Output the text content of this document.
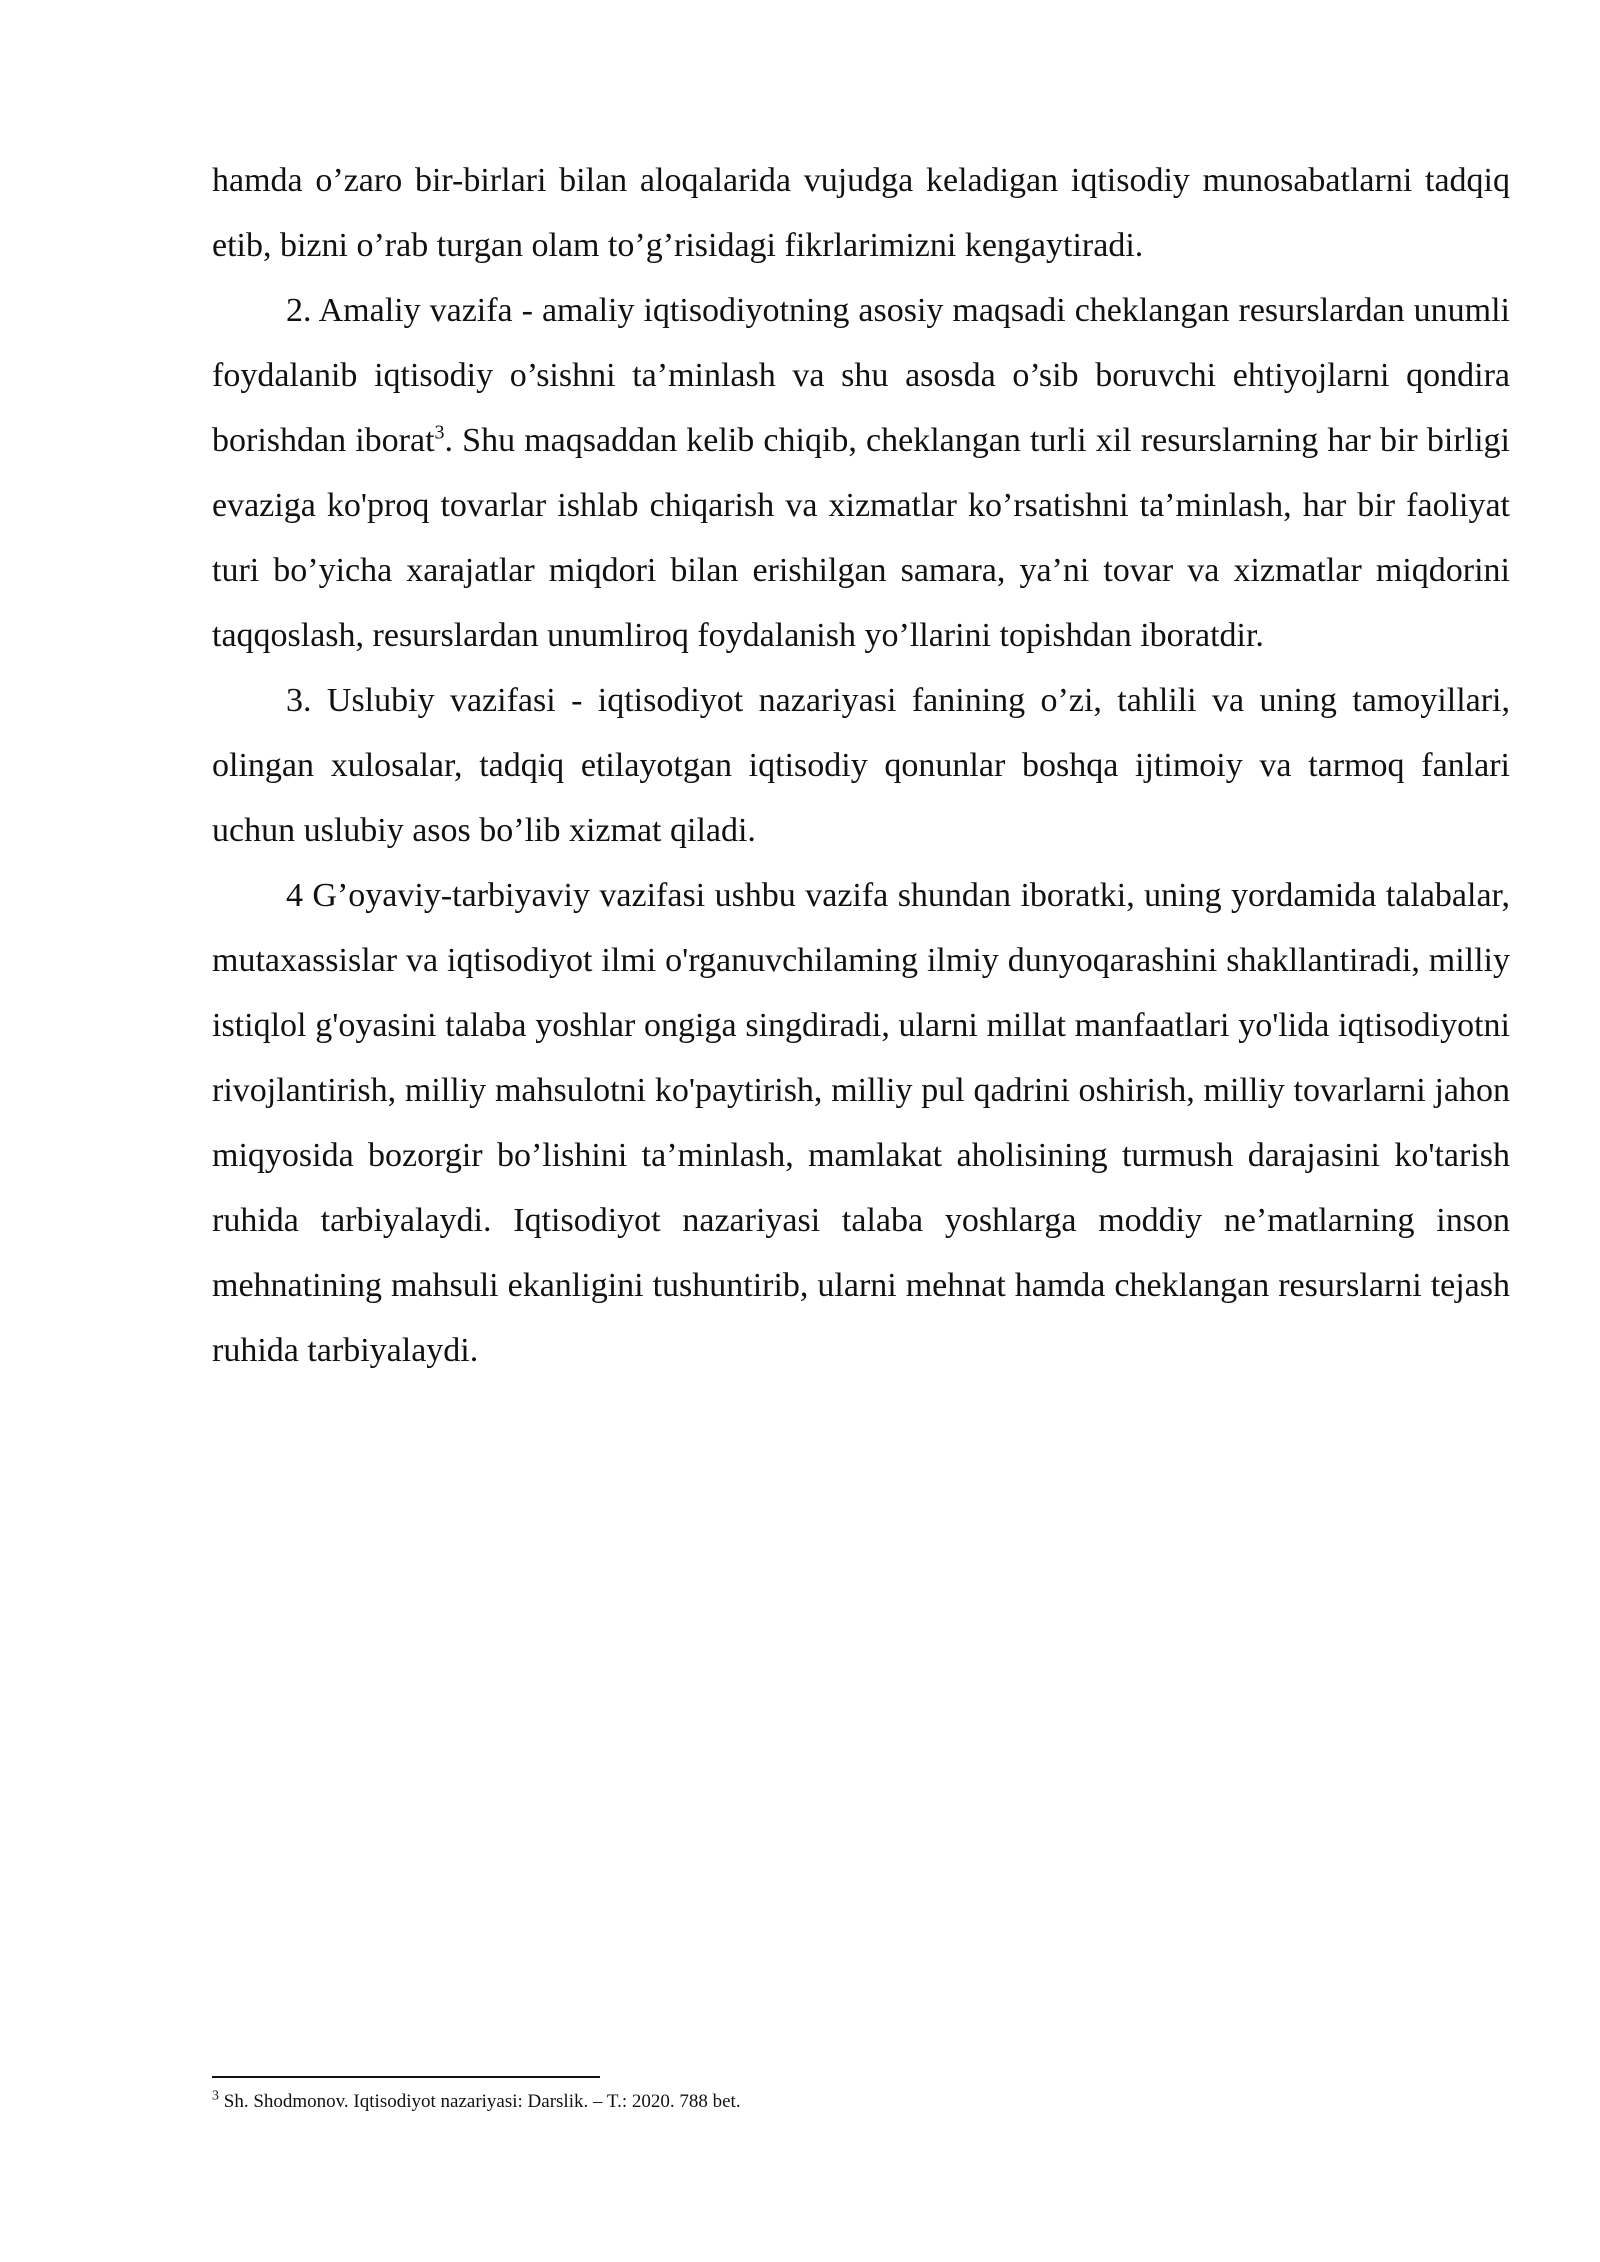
hamda o’zaro bir-birlari bilan aloqalarida vujudga keladigan iqtisodiy munosabatlarni tadqiq etib, bizni o’rab turgan olam to’g’risidagi fikrlarimizni kengaytiradi.

2. Amaliy vazifa - amaliy iqtisodiyotning asosiy maqsadi cheklangan resurslardan unumli foydalanib iqtisodiy o’sishni ta’minlash va shu asosda o’sib boruvchi ehtiyojlarni qondira borishdan iborat$^3$. Shu maqsaddan kelib chiqib, cheklangan turli xil resurslarning har bir birligi evaziga ko'proq tovarlar ishlab chiqarish va xizmatlar ko’rsatishni ta’minlash, har bir faoliyat turi bo’yicha xarajatlar miqdori bilan erishilgan samara, ya’ni tovar va xizmatlar miqdorini taqqoslash, resurslardan unumliroq foydalanish yo’llarini topishdan iboratdir.

3. Uslubiy vazifasi - iqtisodiyot nazariyasi fanining o’zi, tahlili va uning tamoyillari, olingan xulosalar, tadqiq etilayotgan iqtisodiy qonunlar boshqa ijtimoiy va tarmoq fanlari uchun uslubiy asos bo’lib xizmat qiladi.

4 G’oyaviy-tarbiyaviy vazifasi ushbu vazifa shundan iboratki, uning yordamida talabalar, mutaxassislar va iqtisodiyot ilmi o'rganuvchilaming ilmiy dunyoqarashini shakllantiradi, milliy istiqlol g'oyasini talaba yoshlar ongiga singdiradi, ularni millat manfaatlari yo'lida iqtisodiyotni rivojlantirish, milliy mahsulotni ko'paytirish, milliy pul qadrini oshirish, milliy tovarlarni jahon miqyosida bozorgir bo’lishini ta’minlash, mamlakat aholisining turmush darajasini ko'tarish ruhida tarbiyalaydi. Iqtisodiyot nazariyasi talaba yoshlarga moddiy ne’matlarning inson mehnatining mahsuli ekanligini tushuntirib, ularni mehnat hamda cheklangan resurslarni tejash ruhida tarbiyalaydi.

$^3$ Sh. Shodmonov. Iqtisodiyot nazariyasi: Darslik. – T.: 2020. 788 bet.
